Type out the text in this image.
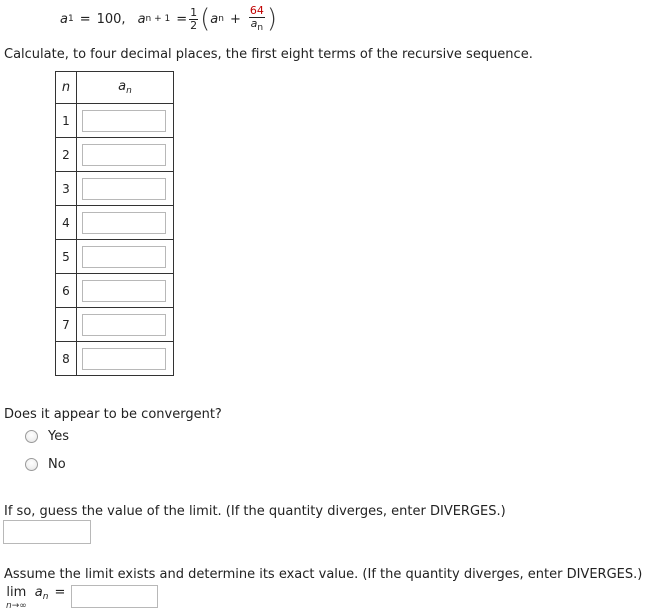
a 1 = 100, a $n + 1 = \frac{1}{2}$ ( a $n + \frac{64}{a_n}$ )
Calculate, to four decimal places, the first eight terms of the recursive sequence.
n	$a_n$
1	

2	

3	

4	

5	

6	

7	

8	
Does it appear to be convergent?
Yes
No
If so, guess the value of the limit. (If the quantity diverges, enter DIVERGES.)
Assume the limit exists and determine its exact value. (If the quantity diverges, enter DIVERGES.)
lim
n→∞
$a_n$ =
